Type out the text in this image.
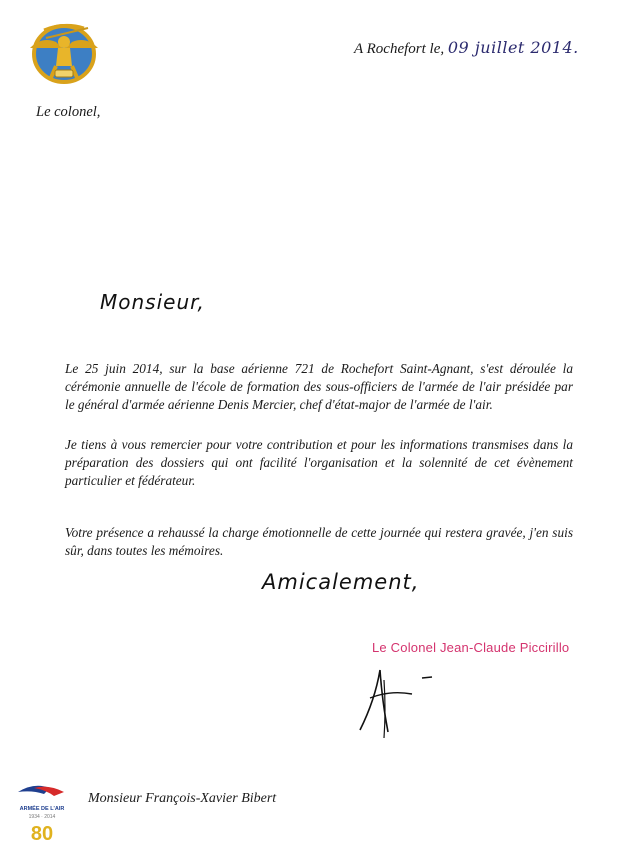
A Rochefort le, 09 juillet 2014.
Le colonel,
Monsieur,
Le 25 juin 2014, sur la base aérienne 721 de Rochefort Saint-Agnant, s'est déroulée la cérémonie annuelle de l'école de formation des sous-officiers de l'armée de l'air présidée par le général d'armée aérienne Denis Mercier, chef d'état-major de l'armée de l'air.
Je tiens à vous remercier pour votre contribution et pour les informations transmises dans la préparation des dossiers qui ont facilité l'organisation et la solennité de cet évènement particulier et fédérateur.
Votre présence a rehaussé la charge émotionnelle de cette journée qui restera gravée, j'en suis sûr, dans toutes les mémoires.
Amicalement,
Le Colonel Jean-Claude Piccirillo
Monsieur François-Xavier Bibert
ARMÉE DE L'AIR
1934 · 2014
80
